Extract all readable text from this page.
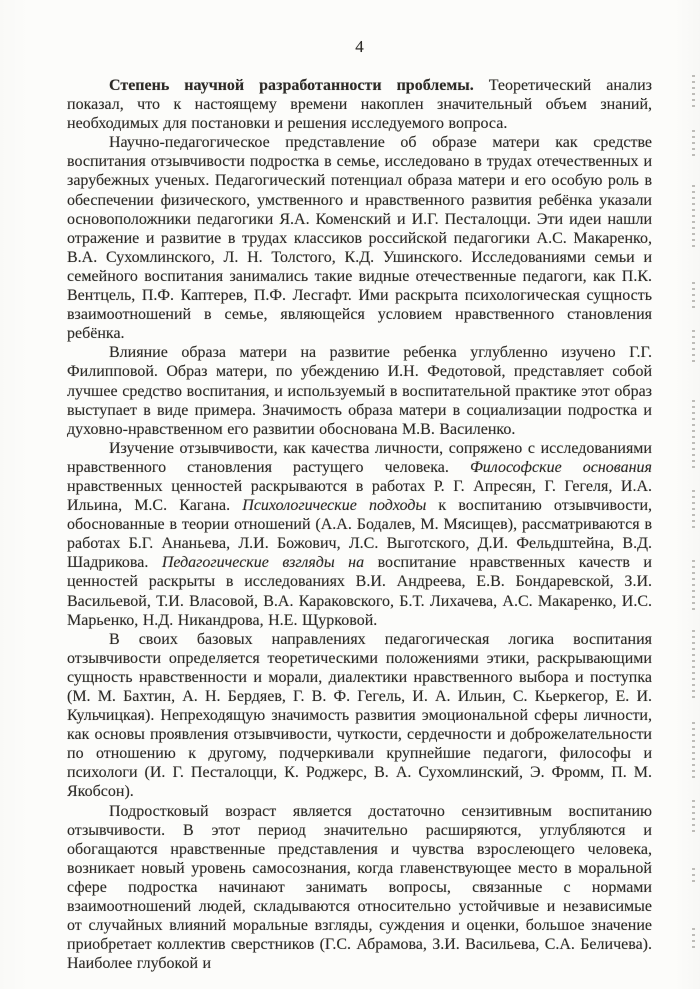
4

Степень научной разработанности проблемы. Теоретический анализ показал, что к настоящему времени накоплен значительный объем знаний, необходимых для постановки и решения исследуемого вопроса.

Научно-педагогическое представление об образе матери как средстве воспитания отзывчивости подростка в семье, исследовано в трудах отечественных и зарубежных ученых. Педагогический потенциал образа матери и его особую роль в обеспечении физического, умственного и нравственного развития ребёнка указали основоположники педагогики Я.А. Коменский и И.Г. Песталоцци. Эти идеи нашли отражение и развитие в трудах классиков российской педагогики А.С. Макаренко, В.А. Сухомлинского, Л. Н. Толстого, К.Д. Ушинского. Исследованиями семьи и семейного воспитания занимались такие видные отечественные педагоги, как П.К. Вентцель, П.Ф. Каптерев, П.Ф. Лесгафт. Ими раскрыта психологическая сущность взаимоотношений в семье, являющейся условием нравственного становления ребёнка.

Влияние образа матери на развитие ребенка углубленно изучено Г.Г. Филипповой. Образ матери, по убеждению И.Н. Федотовой, представляет собой лучшее средство воспитания, и используемый в воспитательной практике этот образ выступает в виде примера. Значимость образа матери в социализации подростка и духовно-нравственном его развитии обоснована М.В. Василенко.

Изучение отзывчивости, как качества личности, сопряжено с исследованиями нравственного становления растущего человека. Философские основания нравственных ценностей раскрываются в работах Р. Г. Апресян, Г. Гегеля, И.А. Ильина, М.С. Кагана. Психологические подходы к воспитанию отзывчивости, обоснованные в теории отношений (А.А. Бодалев, М. Мясищев), рассматриваются в работах Б.Г. Ананьева, Л.И. Божович, Л.С. Выготского, Д.И. Фельдштейна, В.Д. Шадрикова. Педагогические взгляды на воспитание нравственных качеств и ценностей раскрыты в исследованиях В.И. Андреева, Е.В. Бондаревской, З.И. Васильевой, Т.И. Власовой, В.А. Караковского, Б.Т. Лихачева, А.С. Макаренко, И.С. Марьенко, Н.Д. Никандрова, Н.Е. Щурковой.

В своих базовых направлениях педагогическая логика воспитания отзывчивости определяется теоретическими положениями этики, раскрывающими сущность нравственности и морали, диалектики нравственного выбора и поступка (М. М. Бахтин, А. Н. Бердяев, Г. В. Ф. Гегель, И. А. Ильин, С. Кьеркегор, Е. И. Кульчицкая). Непреходящую значимость развития эмоциональной сферы личности, как основы проявления отзывчивости, чуткости, сердечности и доброжелательности по отношению к другому, подчеркивали крупнейшие педагоги, философы и психологи (И. Г. Песталоцци, К. Роджерс, В. А. Сухомлинский, Э. Фромм, П. М. Якобсон).

Подростковый возраст является достаточно сензитивным воспитанию отзывчивости. В этот период значительно расширяются, углубляются и обогащаются нравственные представления и чувства взрослеющего человека, возникает новый уровень самосознания, когда главенствующее место в моральной сфере подростка начинают занимать вопросы, связанные с нормами взаимоотношений людей, складываются относительно устойчивые и независимые от случайных влияний моральные взгляды, суждения и оценки, большое значение приобретает коллектив сверстников (Г.С. Абрамова, З.И. Васильева, С.А. Беличева). Наиболее глубокой и
